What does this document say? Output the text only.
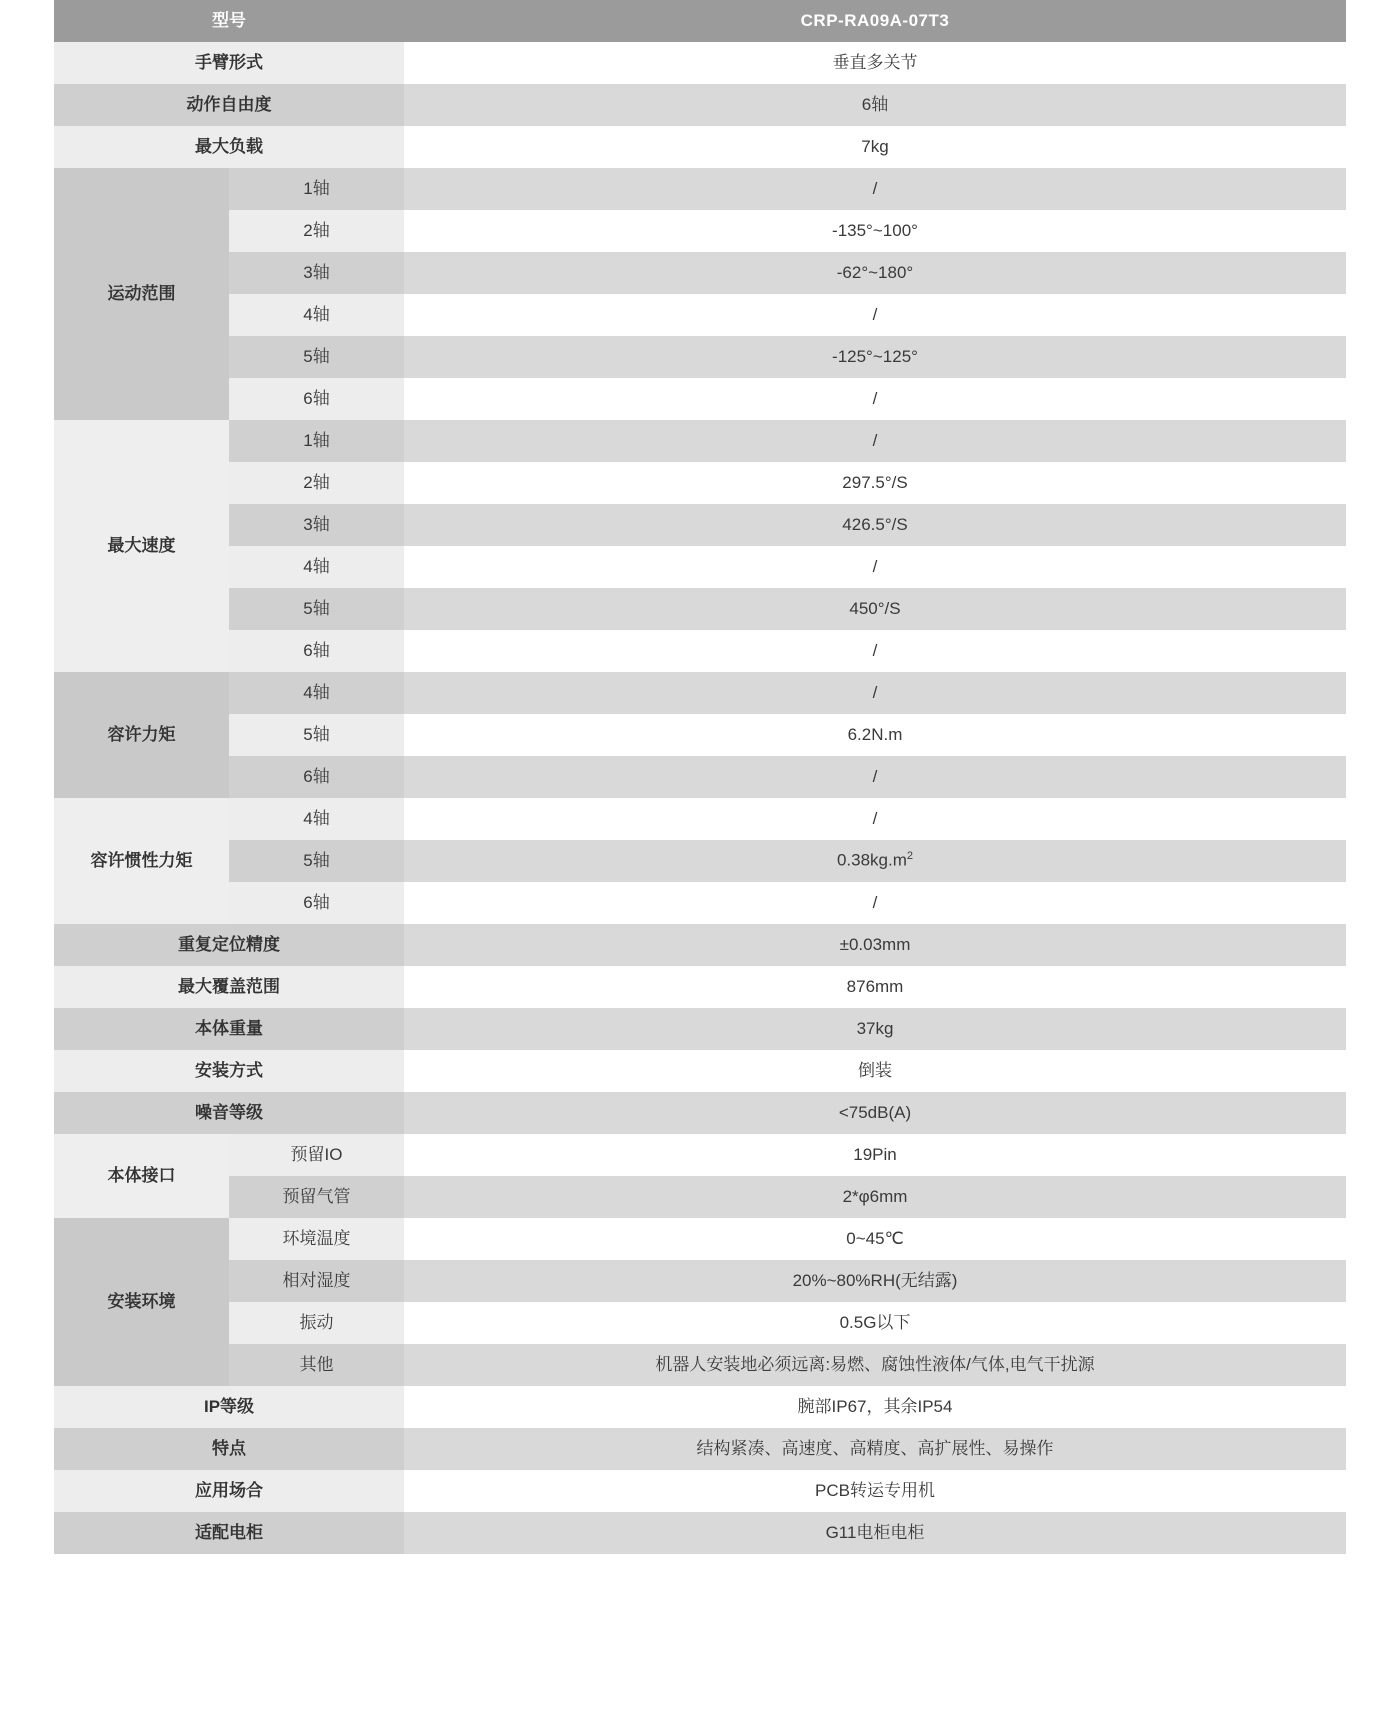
型号		CRP-RA09A-07T3
手臂形式		垂直多关节
动作自由度		6轴
最大负载		7kg
运动范围	1轴	/
	2轴	-135°~100°
	3轴	-62°~180°
	4轴	/
	5轴	-125°~125°
	6轴	/
最大速度	1轴	/
	2轴	297.5°/S
	3轴	426.5°/S
	4轴	/
	5轴	450°/S
	6轴	/
容许力矩	4轴	/
	5轴	6.2N.m
	6轴	/
容许惯性力矩	4轴	/
	5轴	$0.38kg.m^2$
	6轴	/
重复定位精度		±0.03mm
最大覆盖范围		876mm
本体重量		37kg
安装方式		倒装
噪音等级		<75dB(A)
本体接口	预留IO	19Pin
	预留气管	2*φ6mm
安装环境	环境温度	0~45℃
	相对湿度	20%~80%RH(无结露)
	振动	0.5G以下
	其他	机器人安装地必须远离:易燃、腐蚀性液体/气体,电气干扰源
IP等级		腕部IP67，其余IP54
特点		结构紧凑、高速度、高精度、高扩展性、易操作
应用场合		PCB转运专用机
适配电柜		G11电柜电柜
